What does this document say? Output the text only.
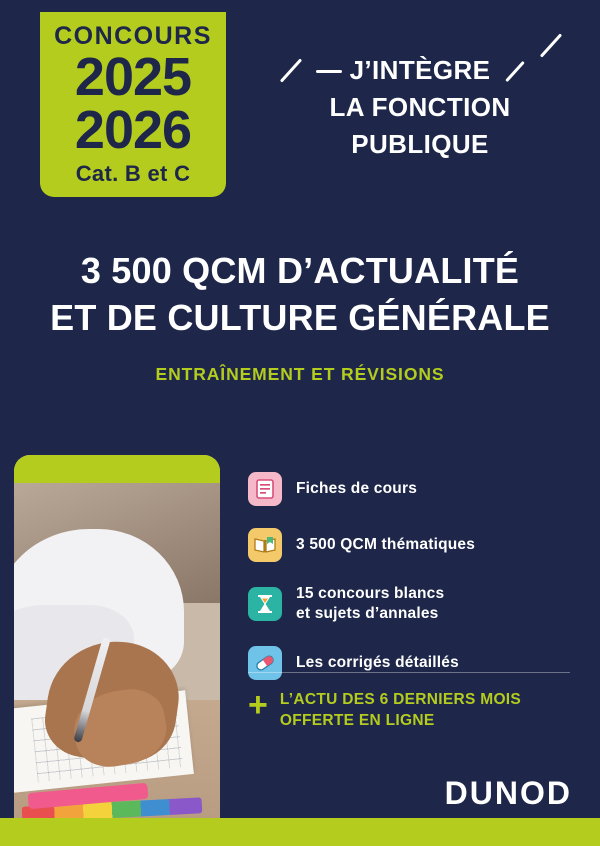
CONCOURS
2025
2026
Cat. B et C
J’INTÈGRE
LA FONCTION
PUBLIQUE
3 500 QCM D’ACTUALITÉ
ET DE CULTURE GÉNÉRALE
ENTRAÎNEMENT ET RÉVISIONS
Fiches de cours
3 500 QCM thématiques
15 concours blancs
et sujets d’annales
Les corrigés détaillés
+ L’ACTU DES 6 DERNIERS MOIS
OFFERTE EN LIGNE
DUNOD
